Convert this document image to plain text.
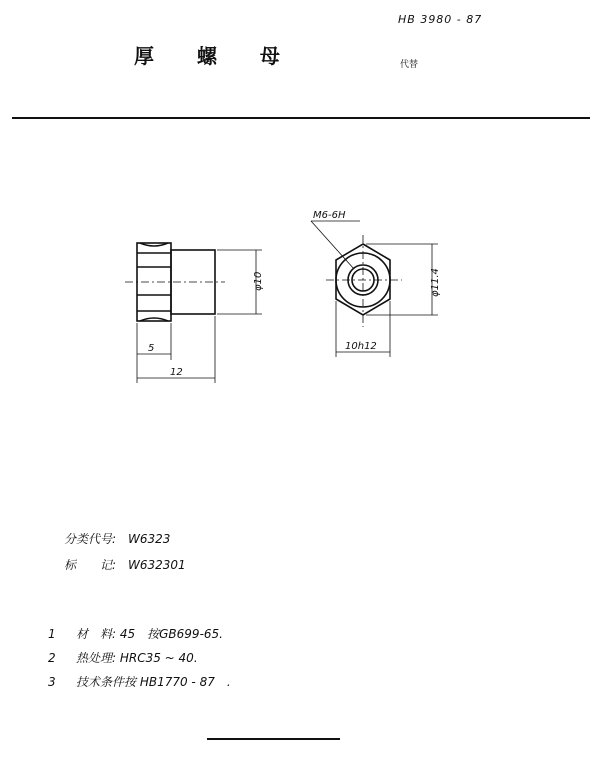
HB 3980 - 87
代替
厚 螺 母
φ10
5
12
M6-6H
φ11.4
10h12
分类代号: W6323
标　　记: W632301
1 材　料: 45　按GB699-65.
2 热处理: HRC35 ~ 40.
3 技术条件按 HB1770 - 87　.
